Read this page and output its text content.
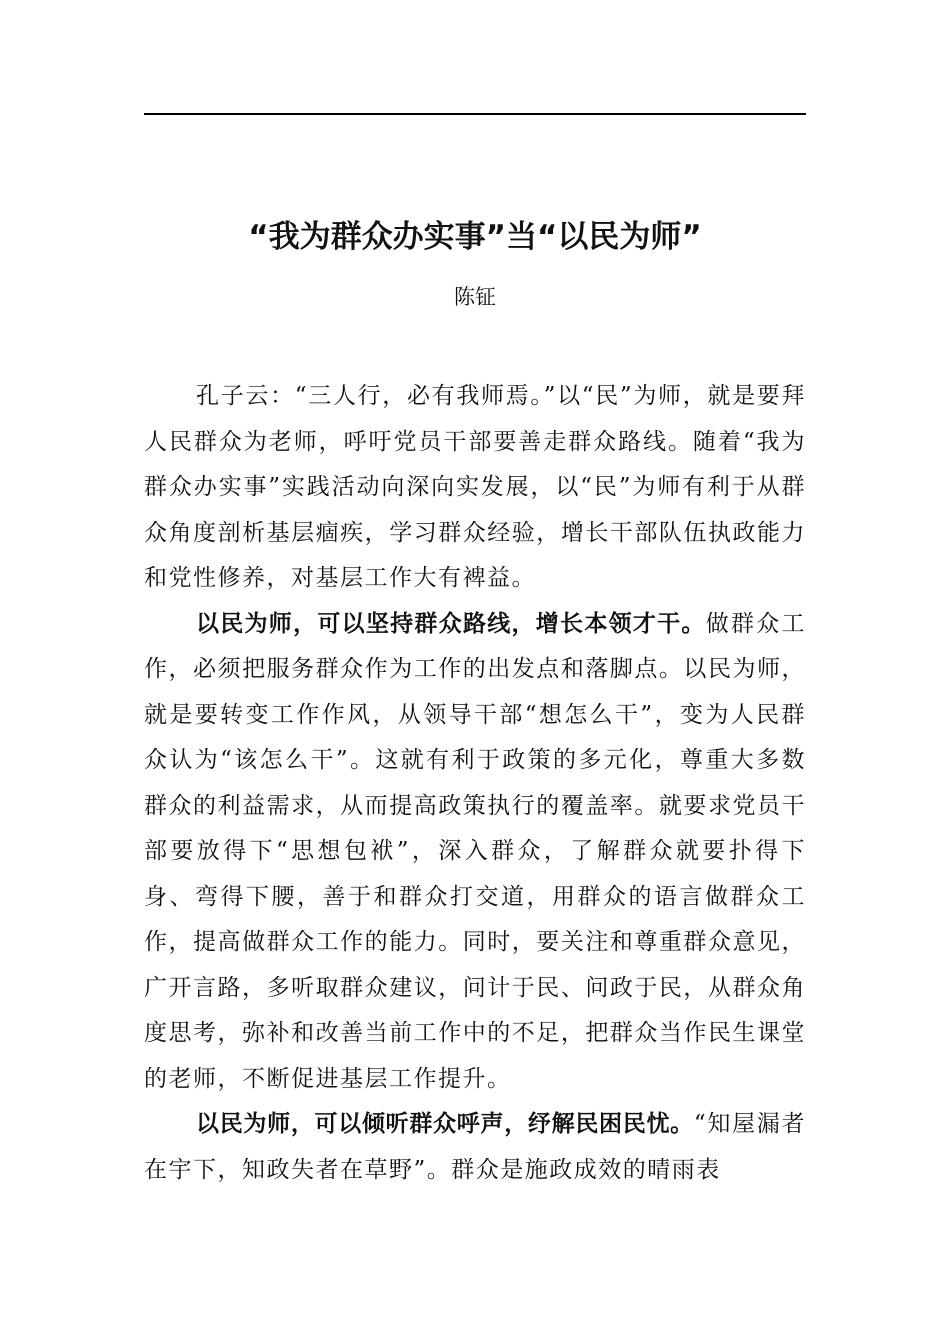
“我为群众办实事”当“以民为师”

陈钲

孔子云：“三人行，必有我师焉。”以“民”为师，就是要拜人民群众为老师，呼吁党员干部要善走群众路线。随着“我为群众办实事”实践活动向深向实发展，以“民”为师有利于从群众角度剖析基层痼疾，学习群众经验，增长干部队伍执政能力和党性修养，对基层工作大有裨益。

以民为师，可以坚持群众路线，增长本领才干。做群众工作，必须把服务群众作为工作的出发点和落脚点。以民为师，就是要转变工作作风，从领导干部“想怎么干”，变为人民群众认为“该怎么干”。这就有利于政策的多元化，尊重大多数群众的利益需求，从而提高政策执行的覆盖率。就要求党员干部要放得下“思想包袱”，深入群众，了解群众就要扑得下身、弯得下腰，善于和群众打交道，用群众的语言做群众工作，提高做群众工作的能力。同时，要关注和尊重群众意见，广开言路，多听取群众建议，问计于民、问政于民，从群众角度思考，弥补和改善当前工作中的不足，把群众当作民生课堂的老师，不断促进基层工作提升。

以民为师，可以倾听群众呼声，纾解民困民忧。“知屋漏者在宇下，知政失者在草野”。群众是施政成效的晴雨表
